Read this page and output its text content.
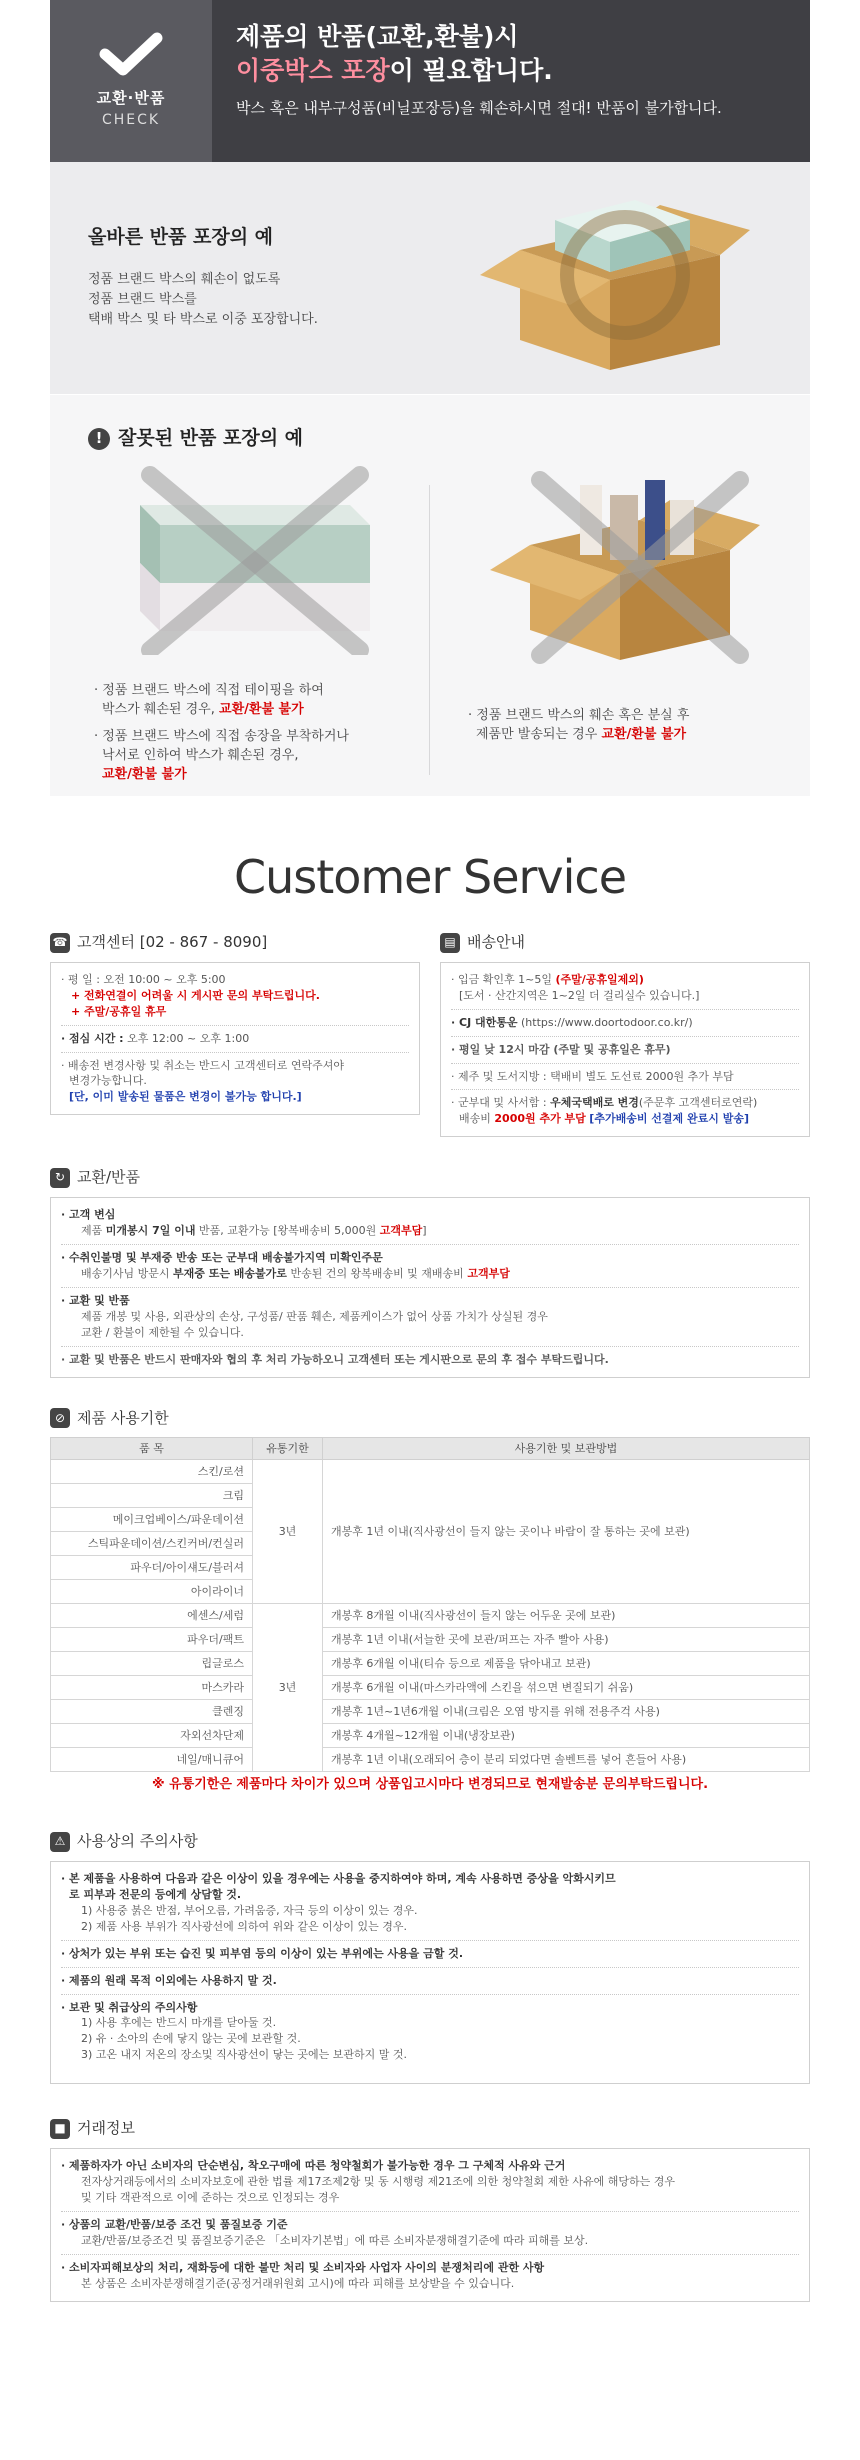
교환·반품
CHECK
제품의 반품(교환,환불)시
이중박스 포장이 필요합니다.
박스 혹은 내부구성품(비닐포장등)을 훼손하시면 절대! 반품이 불가합니다.
올바른 반품 포장의 예
정품 브랜드 박스의 훼손이 없도록
정품 브랜드 박스를
택배 박스 및 타 박스로 이중 포장합니다.
! 잘못된 반품 포장의 예
· 정품 브랜드 박스에 직접 테이핑을 하여
박스가 훼손된 경우, 교환/환불 불가
· 정품 브랜드 박스에 직접 송장을 부착하거나
낙서로 인하여 박스가 훼손된 경우,
교환/환불 불가
· 정품 브랜드 박스의 훼손 혹은 분실 후
제품만 발송되는 경우 교환/환불 불가
Customer Service
☎ 고객센터 [02 - 867 - 8090]
· 평 일 : 오전 10:00 ~ 오후 5:00
+ 전화연결이 어려울 시 게시판 문의 부탁드립니다.
+ 주말/공휴일 휴무
· 점심 시간 : 오후 12:00 ~ 오후 1:00
· 배송전 변경사항 및 취소는 반드시 고객센터로 연락주셔야
변경가능합니다.
[단, 이미 발송된 물품은 변경이 불가능 합니다.]
▤ 배송안내
· 입금 확인후 1~5일 (주말/공휴일제외)
[도서 · 산간지역은 1~2일 더 걸리실수 있습니다.]
· CJ 대한통운 (https://www.doortodoor.co.kr/)
· 평일 낮 12시 마감 (주말 및 공휴일은 휴무)
· 제주 및 도서지방 : 택배비 별도 도선료 2000원 추가 부담
· 군부대 및 사서함 : 우체국택배로 변경(주문후 고객센터로연락)
배송비 2000원 추가 부담 [추가배송비 선결제 완료시 발송]
↻ 교환/반품
· 고객 변심
제품 미개봉시 7일 이내 반품, 교환가능 [왕복배송비 5,000원 고객부담]
· 수취인불명 및 부재중 반송 또는 군부대 배송불가지역 미확인주문
배송기사님 방문시 부재중 또는 배송불가로 반송된 건의 왕복배송비 및 재배송비 고객부담
· 교환 및 반품
제품 개봉 및 사용, 외관상의 손상, 구성품/ 판품 훼손, 제품케이스가 없어 상품 가치가 상실된 경우
교환 / 환불이 제한될 수 있습니다.
· 교환 및 반품은 반드시 판매자와 협의 후 처리 가능하오니 고객센터 또는 게시판으로 문의 후 접수 부탁드립니다.
⊘ 제품 사용기한
품 목	유통기한	사용기한 및 보관방법
스킨/로션	3년	개봉후 1년 이내(직사광선이 들지 않는 곳이나 바람이 잘 통하는 곳에 보관)
크림		
메이크업베이스/파운데이션		
스틱파운데이션/스킨커버/컨실러		
파우더/아이섀도/블러셔		
아이라이너		
에센스/세럼	3년	개봉후 8개월 이내(직사광선이 들지 않는 어두운 곳에 보관)
파우더/팩트		개봉후 1년 이내(서늘한 곳에 보관/퍼프는 자주 빨아 사용)
립글로스		개봉후 6개월 이내(티슈 등으로 제품을 닦아내고 보관)
마스카라		개봉후 6개월 이내(마스카라액에 스킨을 섞으면 변질되기 쉬움)
클렌징		개봉후 1년~1년6개월 이내(크림은 오염 방지를 위해 전용주걱 사용)
자외선차단제		개봉후 4개월~12개월 이내(냉장보관)
네일/매니큐어		개봉후 1년 이내(오래되어 층이 분리 되었다면 솔벤트를 넣어 흔들어 사용)
※ 유통기한은 제품마다 차이가 있으며 상품입고시마다 변경되므로 현재발송분 문의부탁드립니다.
⚠ 사용상의 주의사항
· 본 제품을 사용하여 다음과 같은 이상이 있을 경우에는 사용을 중지하여야 하며, 계속 사용하면 증상을 악화시키므
로 피부과 전문의 등에게 상담할 것.
1) 사용중 붉은 반점, 부어오름, 가려움증, 자극 등의 이상이 있는 경우.
2) 제품 사용 부위가 직사광선에 의하여 위와 같은 이상이 있는 경우.
· 상처가 있는 부위 또는 습진 및 피부염 등의 이상이 있는 부위에는 사용을 금할 것.
· 제품의 원래 목적 이외에는 사용하지 말 것.
· 보관 및 취급상의 주의사항
1) 사용 후에는 반드시 마개를 닫아둘 것.
2) 유 · 소아의 손에 닿지 않는 곳에 보관할 것.
3) 고온 내지 저온의 장소및 직사광선이 닿는 곳에는 보관하지 말 것.
■ 거래정보
· 제품하자가 아닌 소비자의 단순변심, 착오구매에 따른 청약철회가 불가능한 경우 그 구체적 사유와 근거
전자상거래등에서의 소비자보호에 관한 법률 제17조제2항 및 동 시행령 제21조에 의한 청약철회 제한 사유에 해당하는 경우
및 기타 객관적으로 이에 준하는 것으로 인정되는 경우
· 상품의 교환/반품/보증 조건 및 품질보증 기준
교환/반품/보증조건 및 품질보증기준은 「소비자기본법」에 따른 소비자분쟁해결기준에 따라 피해를 보상.
· 소비자피해보상의 처리, 재화등에 대한 불만 처리 및 소비자와 사업자 사이의 분쟁처리에 관한 사항
본 상품은 소비자분쟁해결기준(공정거래위원회 고시)에 따라 피해를 보상받을 수 있습니다.
